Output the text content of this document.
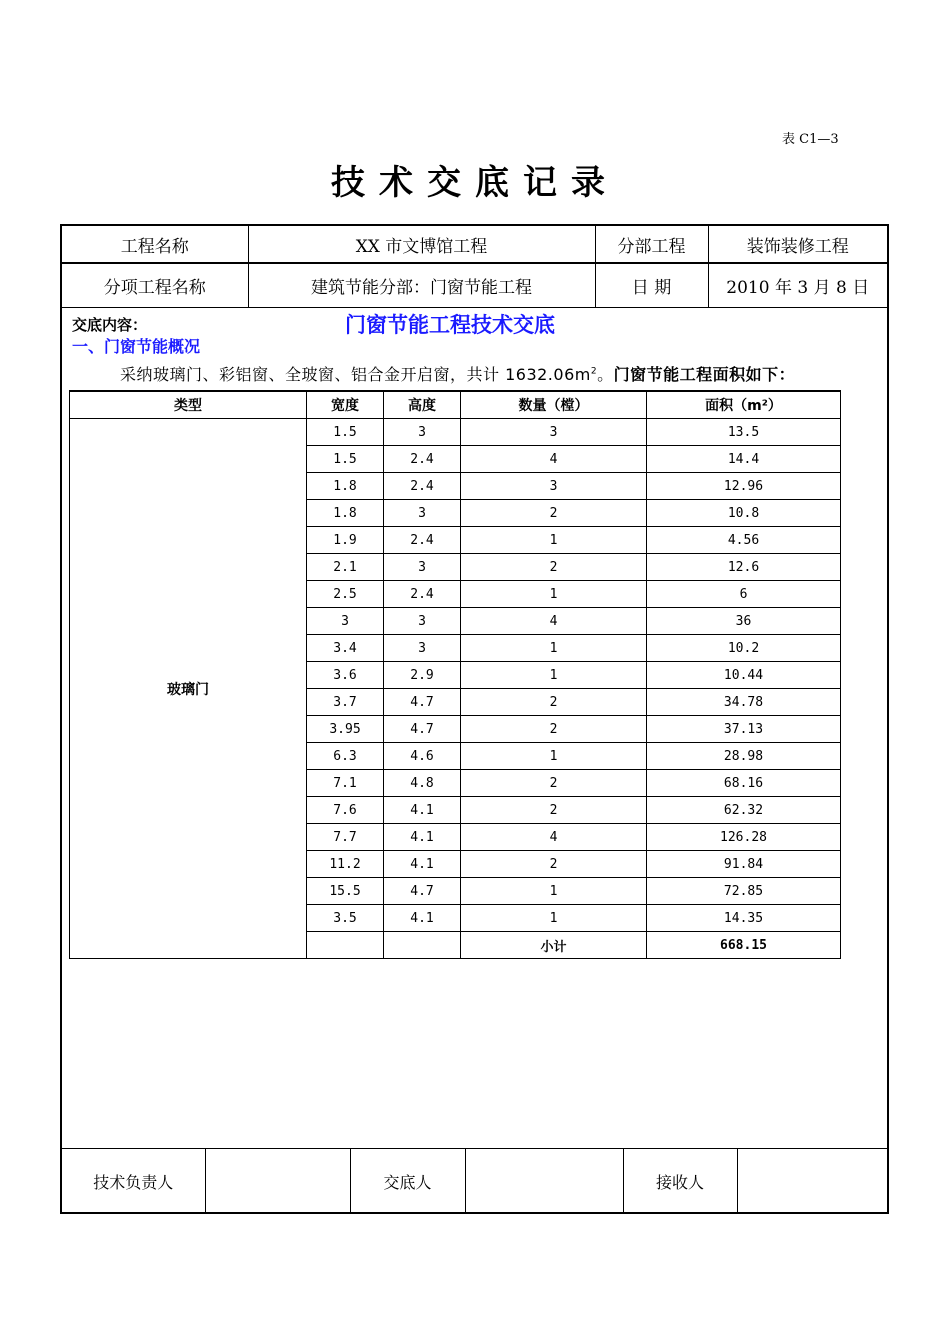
表 C1—3
技术交底记录
工程名称	XX 市文博馆工程	分部工程	装饰装修工程
分项工程名称	建筑节能分部：门窗节能工程	日 期	2010 年 3 月 8 日
交底内容：	门窗节能工程技术交底
一、门窗节能概况
采纳玻璃门、彩铝窗、全玻窗、铝合金开启窗，共计 $1632.06m^2$。门窗节能工程面积如下：
类型	宽度	高度	数量（樘）	面积（m²）
玻璃门	1.5	3	3	13.5
	1.5	2.4	4	14.4
	1.8	2.4	3	12.96
	1.8	3	2	10.8
	1.9	2.4	1	4.56
	2.1	3	2	12.6
	2.5	2.4	1	6
	3	3	4	36
	3.4	3	1	10.2
	3.6	2.9	1	10.44
	3.7	4.7	2	34.78
	3.95	4.7	2	37.13
	6.3	4.6	1	28.98
	7.1	4.8	2	68.16
	7.6	4.1	2	62.32
	7.7	4.1	4	126.28
	11.2	4.1	2	91.84
	15.5	4.7	1	72.85
	3.5	4.1	1	14.35
			小计	668.15
技术负责人		交底人		接收人	
